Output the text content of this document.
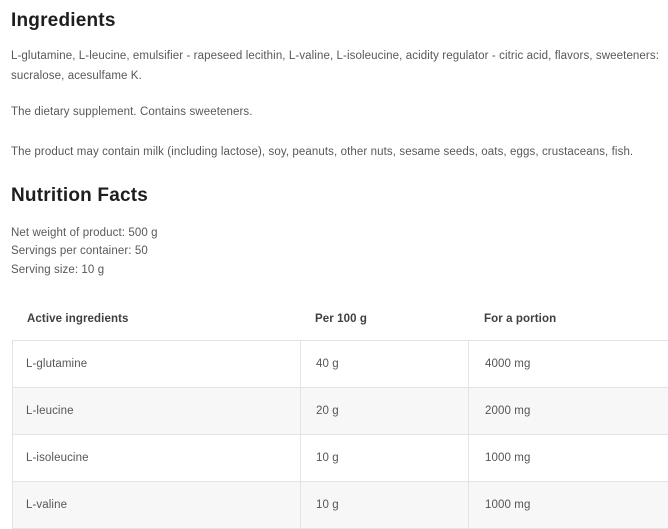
Ingredients

L-glutamine, L-leucine, emulsifier - rapeseed lecithin, L-valine, L-isoleucine, acidity regulator - citric acid, flavors, sweeteners: sucralose, acesulfame K.

The dietary supplement. Contains sweeteners.

The product may contain milk (including lactose), soy, peanuts, other nuts, sesame seeds, oats, eggs, crustaceans, fish.

Nutrition Facts
Net weight of product: 500 g
Servings per container: 50
Serving size: 10 g
Active ingredients	Per 100 g	For a portion
L-glutamine	40 g	4000 mg
L-leucine	20 g	2000 mg
L-isoleucine	10 g	1000 mg
L-valine	10 g	1000 mg
